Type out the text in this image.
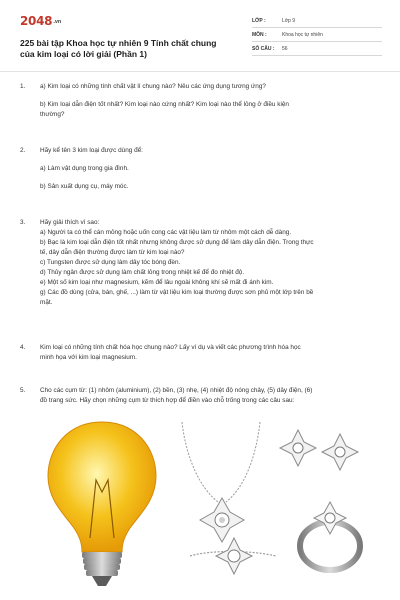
2048.vn
225 bài tập Khoa học tự nhiên 9 Tính chất chung của kim loại có lời giải (Phần 1)
LỚP :	Lớp 9
MÔN :	Khoa học tự nhiên
SỐ CÂU :	56
1. a) Kim loại có những tính chất vật lí chung nào? Nêu các ứng dụng tương ứng?

b) Kim loại dẫn điện tốt nhất? Kim loại nào cứng nhất? Kim loại nào thể lỏng ở điều kiện

thường?

2. Hãy kể tên 3 kim loại được dùng để:

a) Làm vật dụng trong gia đình.

b) Sản xuất dụng cụ, máy móc.

3. Hãy giải thích vì sao:

a) Người ta có thể cán mỏng hoặc uốn cong các vật liệu làm từ nhôm một cách dễ dàng.

b) Bạc là kim loại dẫn điện tốt nhất nhưng không được sử dụng để làm dây dẫn điện. Trong thực

tế, dây dẫn điện thường được làm từ kim loại nào?

c) Tungsten được sử dụng làm dây tóc bóng đèn.

d) Thủy ngân được sử dụng làm chất lỏng trong nhiệt kế để đo nhiệt độ.

e) Một số kim loại như magnesium, kẽm để lâu ngoài không khí sẽ mất đi ánh kim.

g) Các đồ dùng (cửa, bàn, ghế, ...) làm từ vật liệu kim loại thường được sơn phủ một lớp trên bề

mặt.

4. Kim loại có những tính chất hóa học chung nào? Lấy ví dụ và viết các phương trình hóa học

minh họa với kim loại magnesium.

5. Cho các cụm từ: (1) nhôm (aluminium), (2) bền, (3) nhẹ, (4) nhiệt độ nóng chảy, (5) dây điện, (6)

đồ trang sức. Hãy chọn những cụm từ thích hợp để điền vào chỗ trống trong các câu sau:
